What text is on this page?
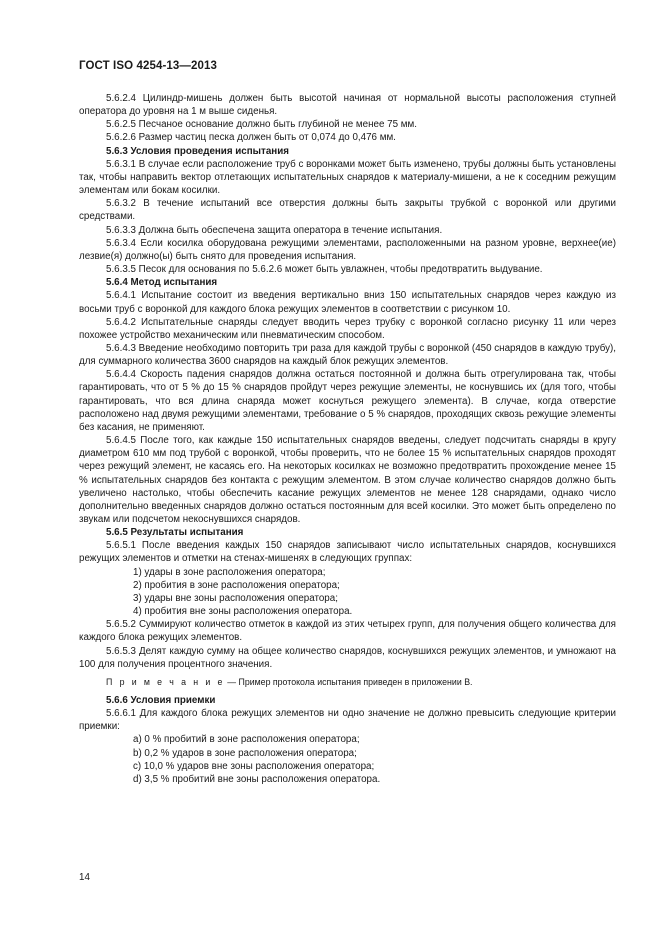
ГОСТ ISO 4254-13—2013

5.6.2.4 Цилиндр-мишень должен быть высотой начиная от нормальной высоты расположения ступней оператора до уровня на 1 м выше сиденья.

5.6.2.5 Песчаное основание должно быть глубиной не менее 75 мм.

5.6.2.6 Размер частиц песка должен быть от 0,074 до 0,476 мм.

5.6.3 Условия проведения испытания

5.6.3.1 В случае если расположение труб с воронками может быть изменено, трубы должны быть установлены так, чтобы направить вектор отлетающих испытательных снарядов к материалу-мишени, а не к соседним режущим элементам или бокам косилки.

5.6.3.2 В течение испытаний все отверстия должны быть закрыты трубкой с воронкой или другими средствами.

5.6.3.3 Должна быть обеспечена защита оператора в течение испытания.

5.6.3.4 Если косилка оборудована режущими элементами, расположенными на разном уровне, верхнее(ие) лезвие(я) должно(ы) быть снято для проведения испытания.

5.6.3.5 Песок для основания по 5.6.2.6 может быть увлажнен, чтобы предотвратить выдувание.

5.6.4 Метод испытания

5.6.4.1 Испытание состоит из введения вертикально вниз 150 испытательных снарядов через каждую из восьми труб с воронкой для каждого блока режущих элементов в соответствии с рисунком 10.

5.6.4.2 Испытательные снаряды следует вводить через трубку с воронкой согласно рисунку 11 или через похожее устройство механическим или пневматическим способом.

5.6.4.3 Введение необходимо повторить три раза для каждой трубы с воронкой (450 снарядов в каждую трубу), для суммарного количества 3600 снарядов на каждый блок режущих элементов.

5.6.4.4 Скорость падения снарядов должна остаться постоянной и должна быть отрегулирована так, чтобы гарантировать, что от 5 % до 15 % снарядов пройдут через режущие элементы, не коснувшись их (для того, чтобы гарантировать, что вся длина снаряда может коснуться режущего элемента). В случае, когда отверстие расположено над двумя режущими элементами, требование о 5 % снарядов, проходящих сквозь режущие элементы без касания, не применяют.

5.6.4.5 После того, как каждые 150 испытательных снарядов введены, следует подсчитать снаряды в кругу диаметром 610 мм под трубой с воронкой, чтобы проверить, что не более 15 % испытательных снарядов проходят через режущий элемент, не касаясь его. На некоторых косилках не возможно предотвратить прохождение менее 15 % испытательных снарядов без контакта с режущим элементом. В этом случае количество снарядов должно быть увеличено настолько, чтобы обеспечить касание режущих элементов не менее 128 снарядами, однако число дополнительно введенных снарядов должно остаться постоянным для всей косилки. Это может быть определено по звукам или подсчетом некоснувшихся снарядов.

5.6.5 Результаты испытания

5.6.5.1 После введения каждых 150 снарядов записывают число испытательных снарядов, коснувшихся режущих элементов и отметки на стенах-мишенях в следующих группах:

1) удары в зоне расположения оператора;

2) пробития в зоне расположения оператора;

3) удары вне зоны расположения оператора;

4) пробития вне зоны расположения оператора.

5.6.5.2 Суммируют количество отметок в каждой из этих четырех групп, для получения общего количества для каждого блока режущих элементов.

5.6.5.3 Делят каждую сумму на общее количество снарядов, коснувшихся режущих элементов, и умножают на 100 для получения процентного значения.

П р и м е ч а н и е — Пример протокола испытания приведен в приложении В.

5.6.6 Условия приемки

5.6.6.1 Для каждого блока режущих элементов ни одно значение не должно превысить следующие критерии приемки:

a) 0 % пробитий в зоне расположения оператора;

b) 0,2 % ударов в зоне расположения оператора;

c) 10,0 % ударов вне зоны расположения оператора;

d) 3,5 % пробитий вне зоны расположения оператора.

14
